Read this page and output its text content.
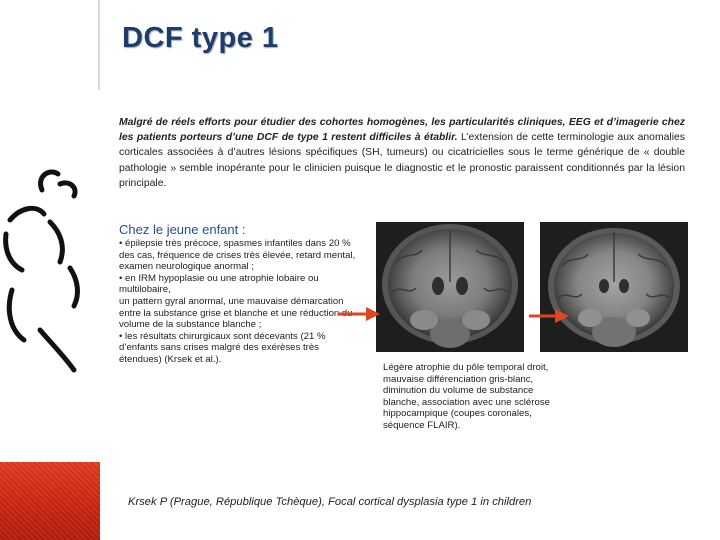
DCF type 1
Malgré de réels efforts pour étudier des cohortes homogènes, les particularités cliniques, EEG et d’imagerie chez les patients porteurs d’une DCF de type 1 restent difficiles à établir. L’extension de cette terminologie aux anomalies corticales associées à d’autres lésions spécifiques (SH, tumeurs) ou cicatricielles sous le terme générique de « double pathologie » semble inopérante pour le clinicien puisque le diagnostic et le pronostic paraissent conditionnés par la lésion principale.
Chez le jeune enfant :
• épilepsie très précoce, spasmes infantiles dans 20 % des cas, fréquence de crises très élevée, retard mental, examen neurologique anormal ;
• en IRM hypoplasie ou une atrophie lobaire ou multilobaire,
un pattern gyral anormal, une mauvaise démarcation
entre la substance grise et blanche et une réduction du volume de la substance blanche ;
• les résultats chirurgicaux sont décevants (21 % d’enfants sans crises malgré des exérèses très étendues) (Krsek et al.).
Légère atrophie du pôle temporal droit, mauvaise différenciation gris-blanc, diminution du volume de substance blanche, association avec une sclérose hippocampique (coupes coronales, séquence FLAIR).
Krsek P (Prague, République Tchèque), Focal cortical dysplasia type 1 in children
